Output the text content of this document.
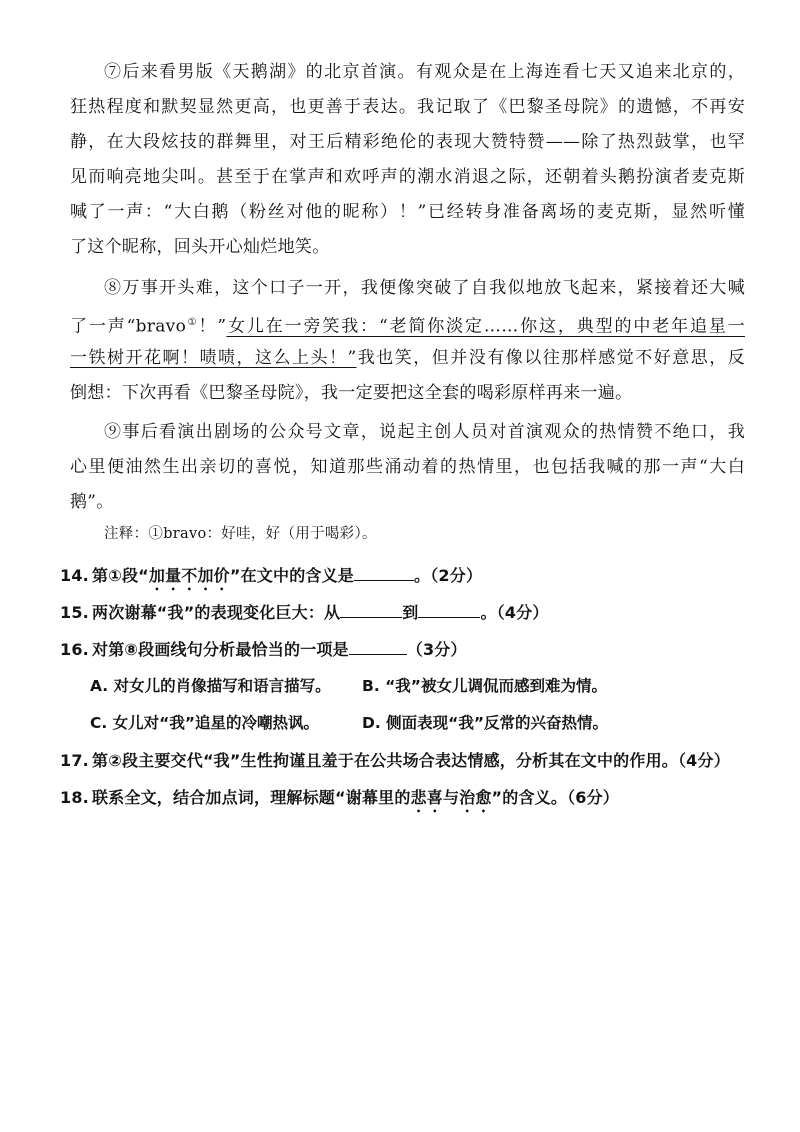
⑦后来看男版《天鹅湖》的北京首演。有观众是在上海连看七天又追来北京的，
狂热程度和默契显然更高，也更善于表达。我记取了《巴黎圣母院》的遗憾，不再安
静，在大段炫技的群舞里，对王后精彩绝伦的表现大赞特赞——除了热烈鼓掌，也罕
见而响亮地尖叫。甚至于在掌声和欢呼声的潮水消退之际，还朝着头鹅扮演者麦克斯
喊了一声：“大白鹅（粉丝对他的昵称）！”已经转身准备离场的麦克斯，显然听懂
了这个昵称，回头开心灿烂地笑。
⑧万事开头难，这个口子一开，我便像突破了自我似地放飞起来，紧接着还大喊
了一声“bravo①！”女儿在一旁笑我：“老简你淡定……你这，典型的中老年追星一
一铁树开花啊！啧啧，这么上头！”我也笑，但并没有像以往那样感觉不好意思，反
倒想：下次再看《巴黎圣母院》，我一定要把这全套的喝彩原样再来一遍。
⑨事后看演出剧场的公众号文章，说起主创人员对首演观众的热情赞不绝口，我
心里便油然生出亲切的喜悦，知道那些涌动着的热情里，也包括我喊的那一声“大白
鹅”。
注释：①bravo：好哇，好（用于喝彩）。
14. 第①段“加量不加价”在文中的含义是	。（2分）
15. 两次谢幕“我”的表现变化巨大：从	到	。（4分）
16. 对第⑧段画线句分析最恰当的一项是	（3分）
A. 对女儿的肖像描写和语言描写。 B. “我”被女儿调侃而感到难为情。
C. 女儿对“我”追星的冷嘲热讽。	D. 侧面表现“我”反常的兴奋热情。
17. 第②段主要交代“我”生性拘谨且羞于在公共场合表达情感，分析其在文中的作用。（4分）
18. 联系全文，结合加点词，理解标题“谢幕里的悲喜与治愈”的含义。（6分）
